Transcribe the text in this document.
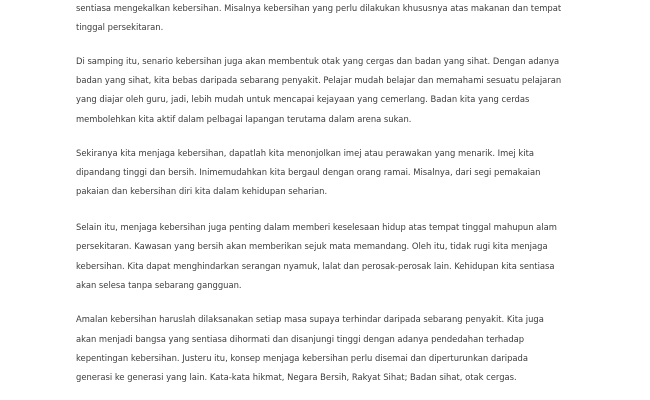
sentiasa mengekalkan kebersihan. Misalnya kebersihan yang perlu dilakukan khususnya atas makanan dan tempat

tinggal persekitaran.

Di samping itu, senario kebersihan juga akan membentuk otak yang cergas dan badan yang sihat. Dengan adanya

badan yang sihat, kita bebas daripada sebarang penyakit. Pelajar mudah belajar dan memahami sesuatu pelajaran

yang diajar oleh guru, jadi, lebih mudah untuk mencapai kejayaan yang cemerlang. Badan kita yang cerdas

membolehkan kita aktif dalam pelbagai lapangan terutama dalam arena sukan.

Sekiranya kita menjaga kebersihan, dapatlah kita menonjolkan imej atau perawakan yang menarik. Imej kita

dipandang tinggi dan bersih. Inimemudahkan kita bergaul dengan orang ramai. Misalnya, dari segi pemakaian

pakaian dan kebersihan diri kita dalam kehidupan seharian.

Selain itu, menjaga kebersihan juga penting dalam memberi keselesaan hidup atas tempat tinggal mahupun alam

persekitaran. Kawasan yang bersih akan memberikan sejuk mata memandang. Oleh itu, tidak rugi kita menjaga

kebersihan. Kita dapat menghindarkan serangan nyamuk, lalat dan perosak-perosak lain. Kehidupan kita sentiasa

akan selesa tanpa sebarang gangguan.

Amalan kebersihan haruslah dilaksanakan setiap masa supaya terhindar daripada sebarang penyakit. Kita juga

akan menjadi bangsa yang sentiasa dihormati dan disanjungi tinggi dengan adanya pendedahan terhadap

kepentingan kebersihan. Justeru itu, konsep menjaga kebersihan perlu disemai dan diperturunkan daripada

generasi ke generasi yang lain. Kata-kata hikmat, Negara Bersih, Rakyat Sihat; Badan sihat, otak cergas.
